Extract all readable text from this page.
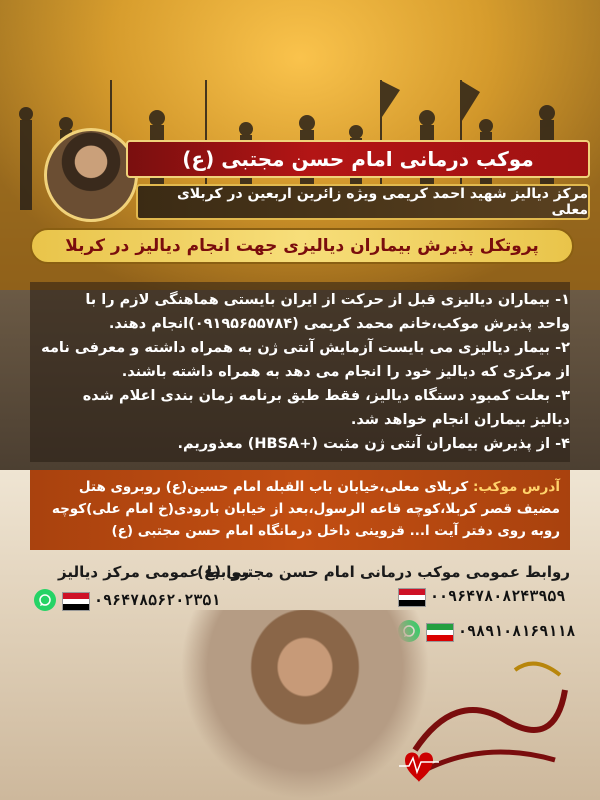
موکب درمانی امام حسن مجتبی (ع)
مرکز دیالیز شهید احمد کریمی ویژه زائرین اربعین در کربلای معلی
پروتکل پذیرش بیماران دیالیزی جهت انجام دیالیز در کربلا

۱- بیماران دیالیزی قبل از حرکت از ایران بایستی هماهنگی لازم را با

واحد پذیرش موکب،خانم محمد کریمی (۰۹۱۹۵۶۵۵۷۸۴)انجام دهند.

۲- بیمار دیالیزی می بایست آزمایش آنتی ژن به همراه داشته و معرفی نامه

از مرکزی که دیالیز خود را انجام می دهد به همراه داشته باشند.

۳- بعلت کمبود دستگاه دیالیز، فقط طبق برنامه زمان بندی اعلام شده

دیالیز بیماران انجام خواهد شد.

۴- از پذیرش بیماران آنتی ژن مثبت (+HBSA) معذوریم.

آدرس موکب: کربلای معلی،خیابان باب القبله امام حسین(ع) روبروی هتل
مضیف قصر کربلا،کوچه قاعه الرسول،بعد از خیابان بارودی(خ امام علی)کوچه
روبه روی دفتر آیت ا... قزوینی داخل درمانگاه امام حسن مجتبی (ع)
روابط عمومی موکب درمانی امام حسن مجتبی (ع)
روابط عمومی مرکز دیالیز
۰۹۶۴۷۸۵۶۲۰۲۳۵۱	۰۰۹۶۴۷۸۰۸۲۴۳۹۵۹
۰۹۸۹۱۰۸۱۶۹۱۱۸
